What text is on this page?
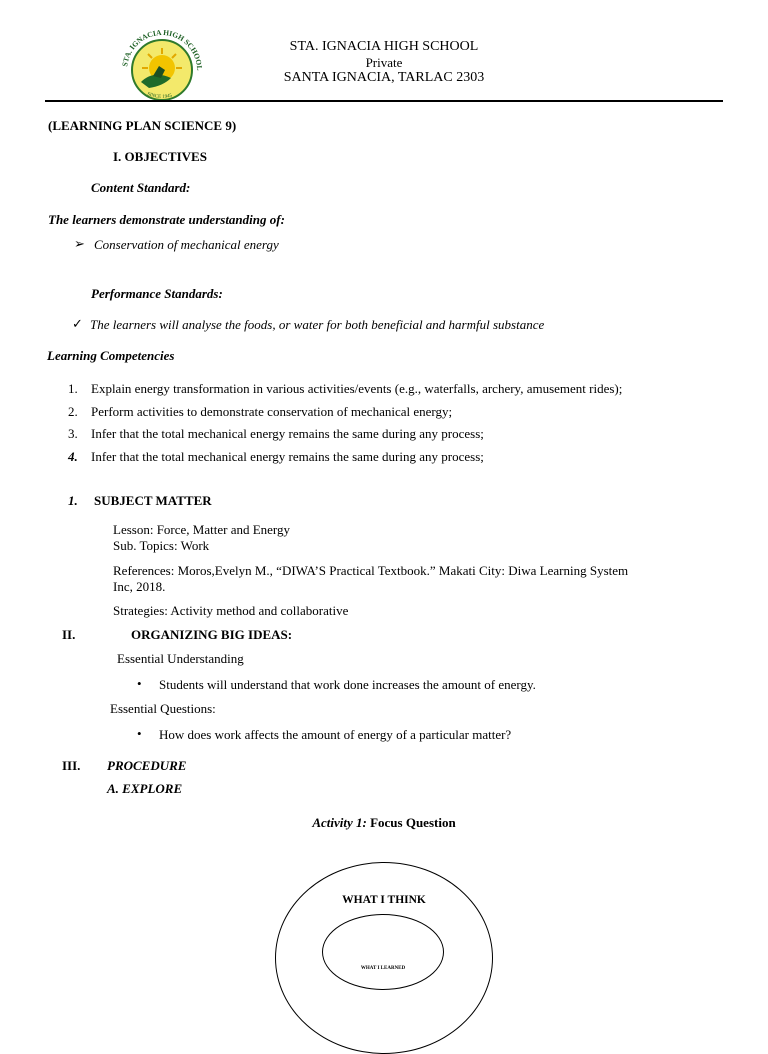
STA. IGNACIA HIGH SCHOOL
SINCE 1945
STA. IGNACIA HIGH SCHOOL
Private
SANTA IGNACIA, TARLAC 2303
(LEARNING PLAN SCIENCE 9)
I. OBJECTIVES
Content Standard:
The learners demonstrate understanding of:
➢ Conservation of mechanical energy
Performance Standards:
✓ The learners will analyse the foods, or water for both beneficial and harmful substance
Learning Competencies
1. Explain energy transformation in various activities/events (e.g., waterfalls, archery, amusement rides);
2. Perform activities to demonstrate conservation of mechanical energy;
3. Infer that the total mechanical energy remains the same during any process;
4. Infer that the total mechanical energy remains the same during any process;
1. SUBJECT MATTER
Lesson: Force, Matter and Energy
Sub. Topics: Work
References: Moros,Evelyn M., “DIWA’S Practical Textbook.” Makati City: Diwa Learning System
Inc, 2018.
Strategies: Activity method and collaborative
II.	ORGANIZING BIG IDEAS:
Essential Understanding
• Students will understand that work done increases the amount of energy.
Essential Questions:
• How does work affects the amount of energy of a particular matter?
III. PROCEDURE
A. EXPLORE
Activity 1: Focus Question
WHAT I THINK
WHAT I LEARNED
